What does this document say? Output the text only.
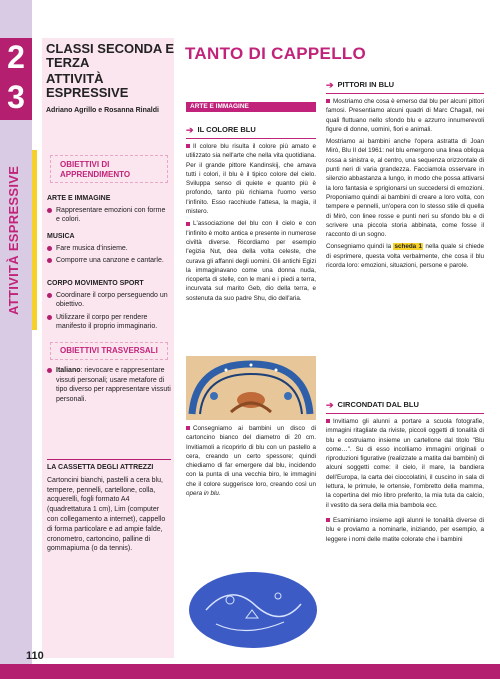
2
3
ATTIVITÀ ESPRESSIVE
CLASSI SECONDA E TERZA
ATTIVITÀ ESPRESSIVE
Adriano Agrillo e Rosanna Rinaldi
OBIETTIVI DI APPRENDIMENTO
ARTE E IMMAGINE
Rappresentare emozioni con forme e colori.
MUSICA
Fare musica d'insieme.
Comporre una canzone e cantarle.
CORPO MOVIMENTO SPORT
Coordinare il corpo perseguendo un obiettivo.
Utilizzare il corpo per rendere manifesto il proprio immaginario.
OBIETTIVI TRASVERSALI
Italiano: rievocare e rappresentare vissuti personali; usare metafore di tipo diverso per rappresentare vissuti personali.
LA CASSETTA DEGLI ATTREZZI
Cartoncini bianchi, pastelli a cera blu, tempere, pennelli, cartellone, colla, acquerelli, fogli formato A4 (quadrettatura 1 cm), Lim (computer con collegamento a internet), cappello di forma particolare e ad ampie falde, cronometro, cartoncino, palline di gommapiuma (o da tennis).
TANTO DI CAPPELLO
ARTE E IMMAGINE
➔ IL COLORE BLU

Il colore blu risulta il colore più amato e utilizzato sia nell'arte che nella vita quotidiana. Per il grande pittore Kandinskij, che amava tutti i colori, il blu è il tipico colore del cielo. Sviluppa senso di quiete e quanto più è profondo, tanto più richiama l'uomo verso l'infinito. Esso racchiude l'attesa, la magia, il mistero.

L'associazione del blu con il cielo e con l'infinito è molto antica e presente in numerose civiltà diverse. Ricordiamo per esempio l'egizia Nut, dea della volta celeste, che curava gli affanni degli uomini. Gli antichi Egizi la immaginavano come una donna nuda, ricoperta di stelle, con le mani e i piedi a terra, incurvata sul marito Geb, dio della terra, e sostenuta da suo padre Shu, dio dell'aria.

Consegniamo ai bambini un disco di cartoncino bianco del diametro di 20 cm. Invitiamoli a ricoprirlo di blu con un pastello a cera, creando un certo spessore; quindi chiediamo di far emergere dal blu, incidendo con la punta di una vecchia biro, le immagini che il colore suggerisce loro, creando così un opera in blu.

➔ PITTORI IN BLU

Mostriamo che cosa è emerso dal blu per alcuni pittori famosi. Presentiamo alcuni quadri di Marc Chagall, nei quali fluttuano nello sfondo blu e azzurro innumerevoli figure di donne, uomini, fiori e animali.

Mostriamo ai bambini anche l'opera astratta di Joan Mirò, Blu II del 1961: nel blu emergono una linea obliqua rossa a sinistra e, al centro, una sequenza orizzontale di punti neri di varia grandezza. Facciamola osservare in silenzio abbastanza a lungo, in modo che possa attivarsi la loro fantasia e sprigionarsi un succedersi di emozioni. Proponiamo quindi ai bambini di creare a loro volta, con tempere e pennelli, un'opera con lo stesso stile di quella di Mirò, con linee rosse e punti neri su sfondo blu e di scrivere una piccola storia abbinata, come fosse il racconto di un sogno.

Consegniamo quindi la scheda 1 nella quale si chiede di esprimere, questa volta verbalmente, che cosa il blu ricorda loro: emozioni, situazioni, persone e parole.

➔ CIRCONDATI DAL BLU

Invitiamo gli alunni a portare a scuola fotografie, immagini ritagliate da riviste, piccoli oggetti di tonalità di blu e costruiamo insieme un cartellone dal titolo "Blu come…". Su di esso incolliamo immagini originali o riproduzioni figurative (realizzate a matita dai bambini) di alcuni soggetti come: il cielo, il mare, la bandiera dell'Europa, la carta dei cioccolatini, il cuscino in sala di lettura, le primule, le ortensie, l'ombretto della mamma, la copertina del mio libro preferito, la mia tuta da calcio, il vestito da sera della mia bambola ecc.

Esaminiamo insieme agli alunni le tonalità diverse di blu e proviamo a nominarle, iniziando, per esempio, a leggere i nomi delle matite colorate che i bambini

110
